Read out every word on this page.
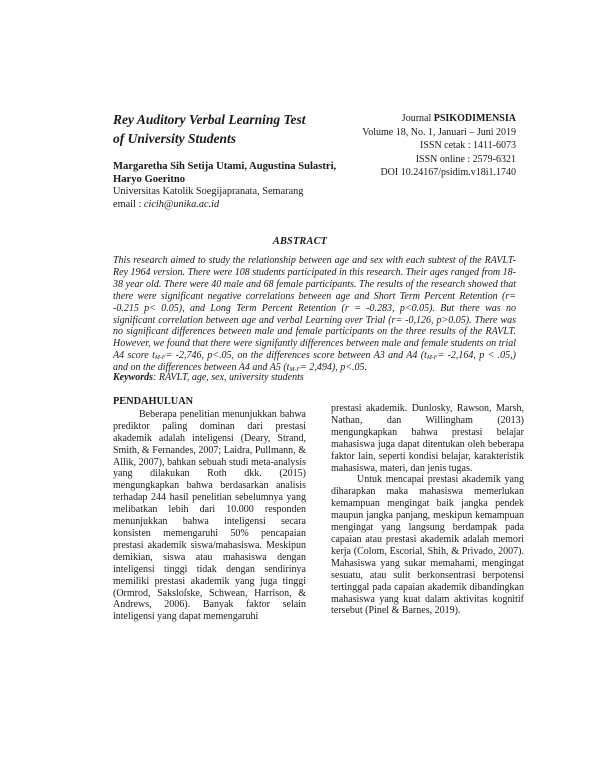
Rey Auditory Verbal Learning Test
of University Students
Margaretha Sih Setija Utami, Augustina Sulastri,
Haryo Goeritno
Universitas Katolik Soegijapranata, Semarang
email : cicih@unika.ac.id
Journal PSIKODIMENSIA
Volume 18, No. 1, Januari – Juni 2019
ISSN cetak : 1411-6073
ISSN online : 2579-6321
DOI 10.24167/psidim.v18i1.1740
ABSTRACT

This research aimed to study the relationship between age and sex with each subtest of the RAVLT- Rey 1964 version. There were 108 students participated in this research. Their ages ranged from 18-38 year old. There were 40 male and 68 female participants. The results of the research showed that there were significant negative correlations between age and Short Term Percent Retention (r= -0.215 p< 0.05), and Long Term Percent Retention (r = -0.283, p<0.05). But there was no significant correlation between age and verbal Learning over Trial (r= -0,126, p>0.05). There was no significant differences between male and female participants on the three results of the RAVLT. However, we found that there were signifantly differences between male and female students on trial A4 score $t_{M-F}= -2,746$, p<.05, on the differences score between A3 and A4 ($t_{M-F}= -2,164$, p < .05,) and on the differences between A4 and A5 $(t_{M-F}= 2,494)$, p<.05.

Keywords: RAVLT, age, sex, university students
PENDAHULUAN

Beberapa penelitian menunjukkan bahwa prediktor paling dominan dari prestasi akademik adalah inteligensi (Deary, Strand, Smith, & Fernandes, 2007; Laidra, Pullmann, & Allik, 2007), bahkan sebuah studi meta-analysis yang dilakukan Roth dkk. (2015) mengungkapkan bahwa berdasarkan analisis terhadap 244 hasil penelitian sebelumnya yang melibatkan lebih dari 10.000 responden menunjukkan bahwa inteligensi secara konsisten memengaruhi 50% pencapaian prestasi akademik siswa/mahasiswa. Meskipun demikian, siswa atau mahasiswa dengan inteligensi tinggi tidak dengan sendirinya memiliki prestasi akademik yang juga tinggi (Ormrod, Saksloſske, Schwean, Harrison, & Andrews, 2006). Banyak faktor selain inteligensi yang dapat memengaruhi

prestasi akademik. Dunlosky, Rawson, Marsh, Nathan, dan Willingham (2013) mengungkapkan bahwa prestasi belajar mahasiswa juga dapat ditentukan oleh beberapa faktor lain, seperti kondisi belajar, karakteristik mahasiswa, materi, dan jenis tugas.

Untuk mencapai prestasi akademik yang diharapkan maka mahasiswa memerlukan kemampuan mengingat baik jangka pendek maupun jangka panjang, meskipun kemampuan mengingat yang langsung berdampak pada capaian atau prestasi akademik adalah memori kerja (Colom, Escorial, Shih, & Privado, 2007). Mahasiswa yang sukar memahami, mengingat sesuatu, atau sulit berkonsentrasi berpotensi tertinggal pada capaian akademik dibandingkan mahasiswa yang kuat dalam aktivitas kognitif tersebut (Pinel & Barnes, 2019).
